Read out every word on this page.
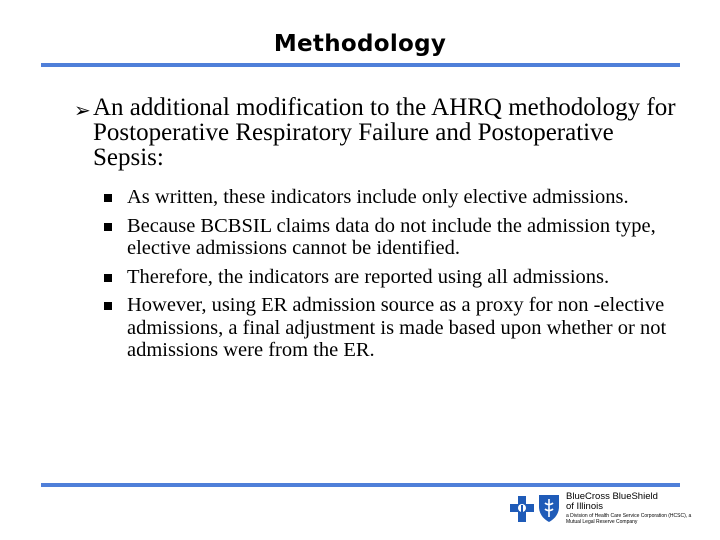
Methodology
➢ An additional modification to the AHRQ methodology for Postoperative Respiratory Failure and Postoperative Sepsis:
As written, these indicators include only elective admissions.
Because BCBSIL claims data do not include the admission type, elective admissions cannot be identified.
Therefore, the indicators are reported using all admissions.
However, using ER admission source as a proxy for non -elective admissions, a final adjustment is made based upon whether or not admissions were from the ER.
BlueCross BlueShield
of Illinois
a Division of Health Care Service Corporation (HCSC), a Mutual Legal Reserve Company
